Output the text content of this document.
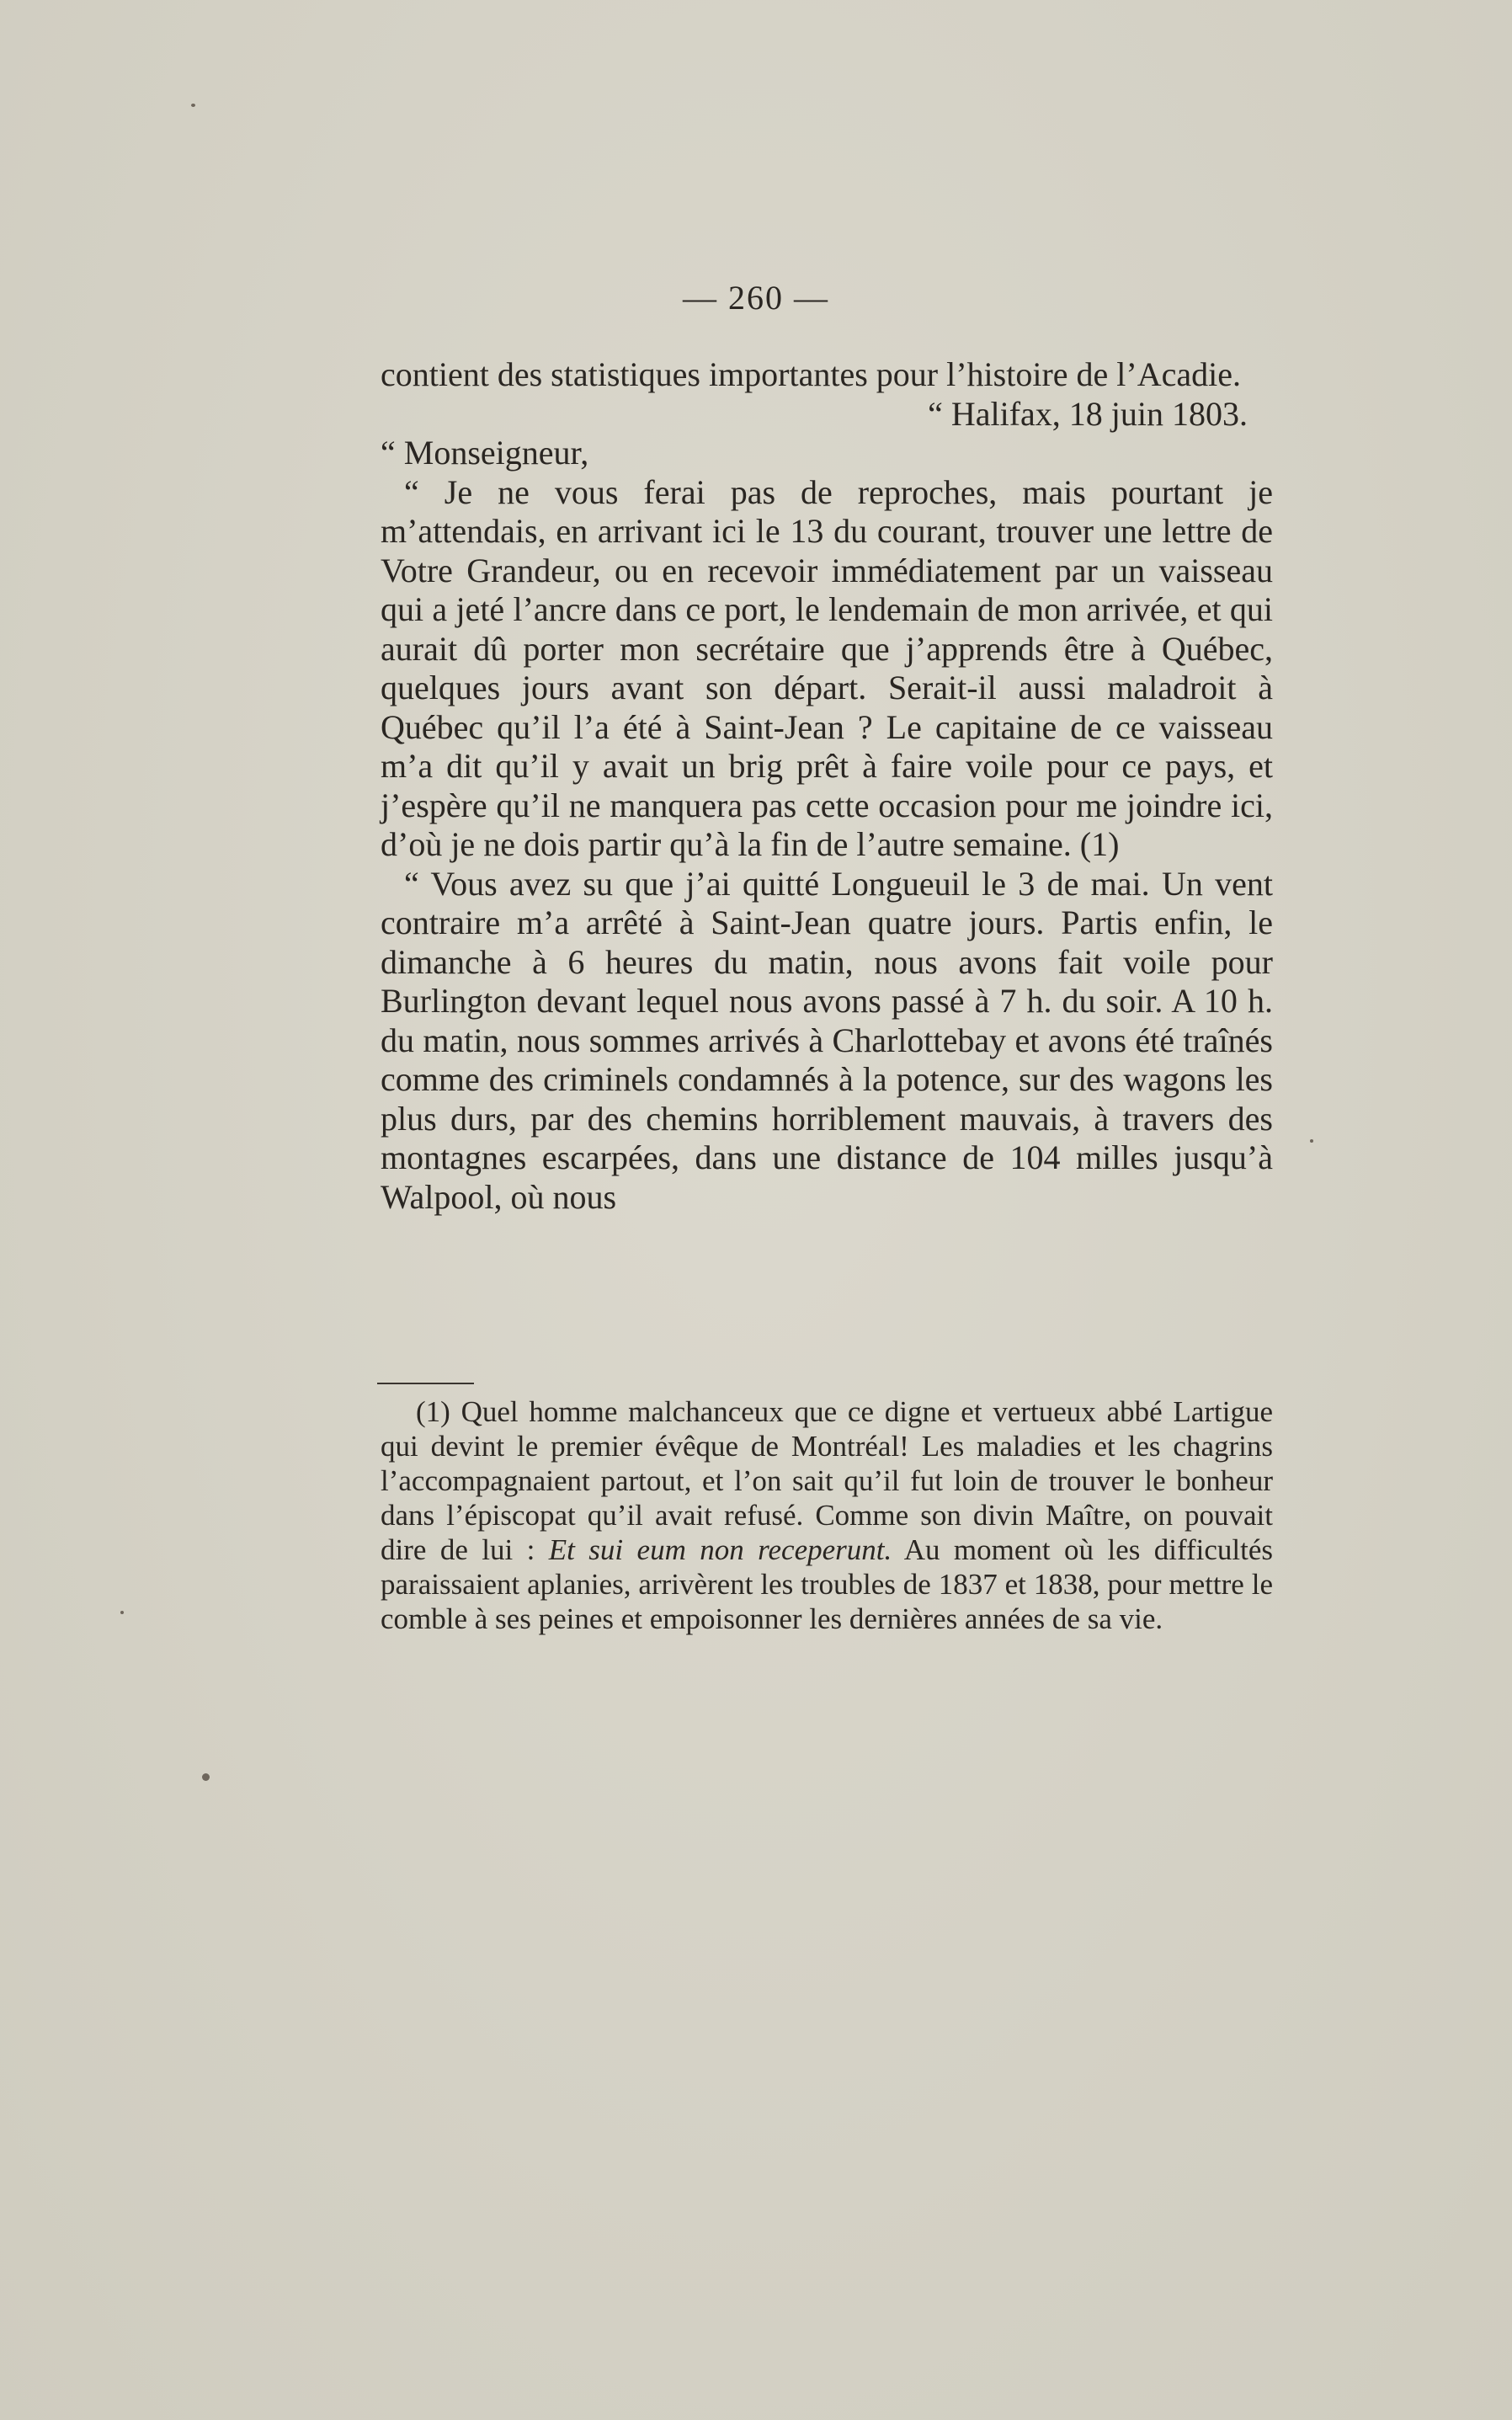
— 260 —

contient des statistiques importantes pour l’histoire de l’Acadie.

“ Halifax, 18 juin 1803.

“ Monseigneur,

“ Je ne vous ferai pas de reproches, mais pourtant je m’attendais, en arrivant ici le 13 du courant, trouver une lettre de Votre Grandeur, ou en recevoir immédiatement par un vaisseau qui a jeté l’ancre dans ce port, le lendemain de mon arrivée, et qui aurait dû porter mon secrétaire que j’apprends être à Québec, quelques jours avant son départ. Serait-il aussi maladroit à Québec qu’il l’a été à Saint-Jean ? Le capitaine de ce vaisseau m’a dit qu’il y avait un brig prêt à faire voile pour ce pays, et j’espère qu’il ne manquera pas cette occasion pour me joindre ici, d’où je ne dois partir qu’à la fin de l’autre semaine. (1)

“ Vous avez su que j’ai quitté Longueuil le 3 de mai. Un vent contraire m’a arrêté à Saint-Jean quatre jours. Partis enfin, le dimanche à 6 heures du matin, nous avons fait voile pour Burlington devant lequel nous avons passé à 7 h. du soir. A 10 h. du matin, nous sommes arrivés à Charlottebay et avons été traînés comme des criminels condamnés à la potence, sur des wagons les plus durs, par des chemins horriblement mauvais, à travers des montagnes escarpées, dans une distance de 104 milles jusqu’à Walpool, où nous

(1) Quel homme malchanceux que ce digne et vertueux abbé Lartigue qui devint le premier évêque de Montréal! Les maladies et les chagrins l’accompagnaient partout, et l’on sait qu’il fut loin de trouver le bonheur dans l’épiscopat qu’il avait refusé. Comme son divin Maître, on pouvait dire de lui : Et sui eum non receperunt. Au moment où les difficultés paraissaient aplanies, arrivèrent les troubles de 1837 et 1838, pour mettre le comble à ses peines et empoisonner les dernières années de sa vie.
